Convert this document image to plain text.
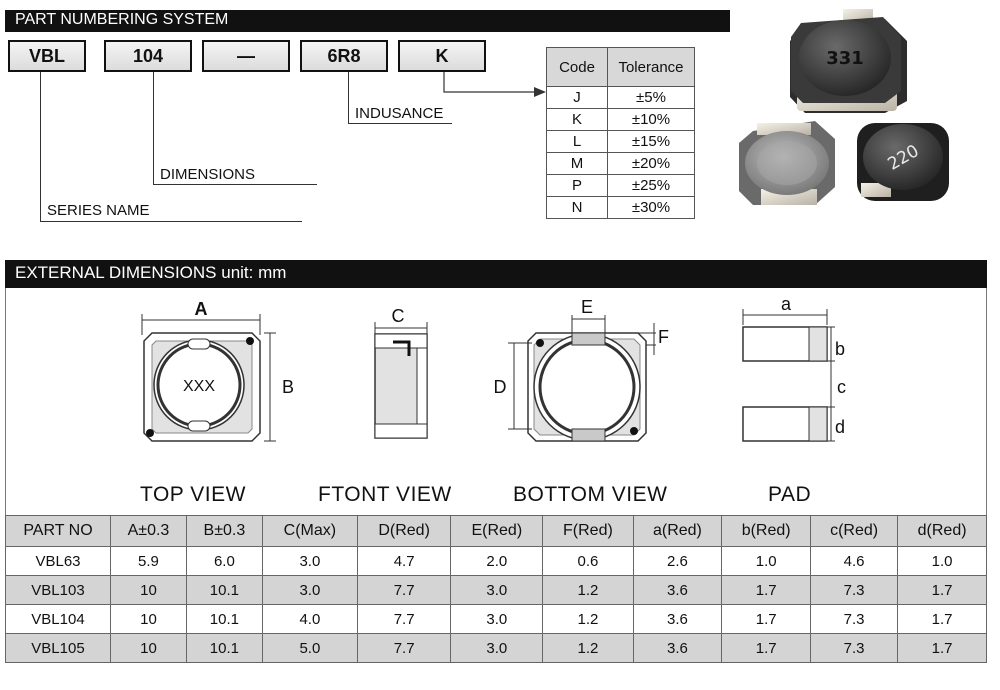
PART NUMBERING SYSTEM
VBL	104	—	6R8	K
SERIES NAME
DIMENSIONS
INDUSANCE
Code	Tolerance
J	±5%
K	±10%
L	±15%
M	±20%
P	±25%
N	±30%
331
220
EXTERNAL DIMENSIONS unit: mm
A
XXX	B
C	E
F
D
a
b
c
d
TOP VIEW	FTONT VIEW	BOTTOM VIEW	PAD
PART NO	A±0.3	B±0.3	C(Max)	D(Red)	E(Red)	F(Red)	a(Red)	b(Red)	c(Red)	d(Red)
VBL63	5.9	6.0	3.0	4.7	2.0	0.6	2.6	1.0	4.6	1.0
VBL103	10	10.1	3.0	7.7	3.0	1.2	3.6	1.7	7.3	1.7
VBL104	10	10.1	4.0	7.7	3.0	1.2	3.6	1.7	7.3	1.7
VBL105	10	10.1	5.0	7.7	3.0	1.2	3.6	1.7	7.3	1.7
